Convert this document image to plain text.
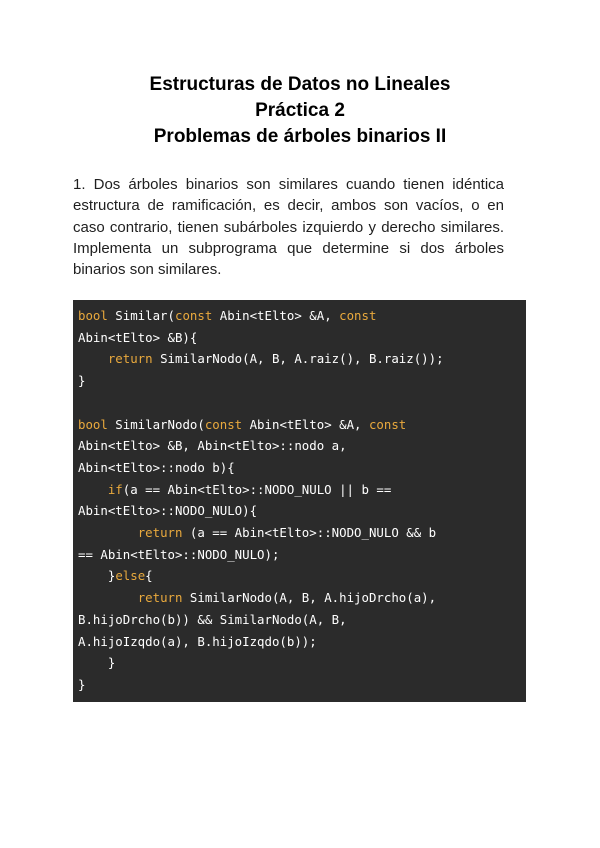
Estructuras de Datos no Lineales
Práctica 2
Problemas de árboles binarios II

1. Dos árboles binarios son similares cuando tienen idéntica estructura de ramificación, es decir, ambos son vacíos, o en caso contrario, tienen subárboles izquierdo y derecho similares. Implementa un subprograma que determine si dos árboles binarios son similares.

bool Similar(const Abin<tElto> &A, const
Abin<tElto> &B){
return SimilarNodo(A, B, A.raiz(), B.raiz());
}

bool SimilarNodo(const Abin<tElto> &A, const
Abin<tElto> &B, Abin<tElto>::nodo a,
Abin<tElto>::nodo b){
if(a == Abin<tElto>::NODO_NULO || b ==
Abin<tElto>::NODO_NULO){
return (a == Abin<tElto>::NODO_NULO && b
== Abin<tElto>::NODO_NULO);
}else{
return SimilarNodo(A, B, A.hijoDrcho(a),
B.hijoDrcho(b)) && SimilarNodo(A, B,
A.hijoIzqdo(a), B.hijoIzqdo(b));
}
}
